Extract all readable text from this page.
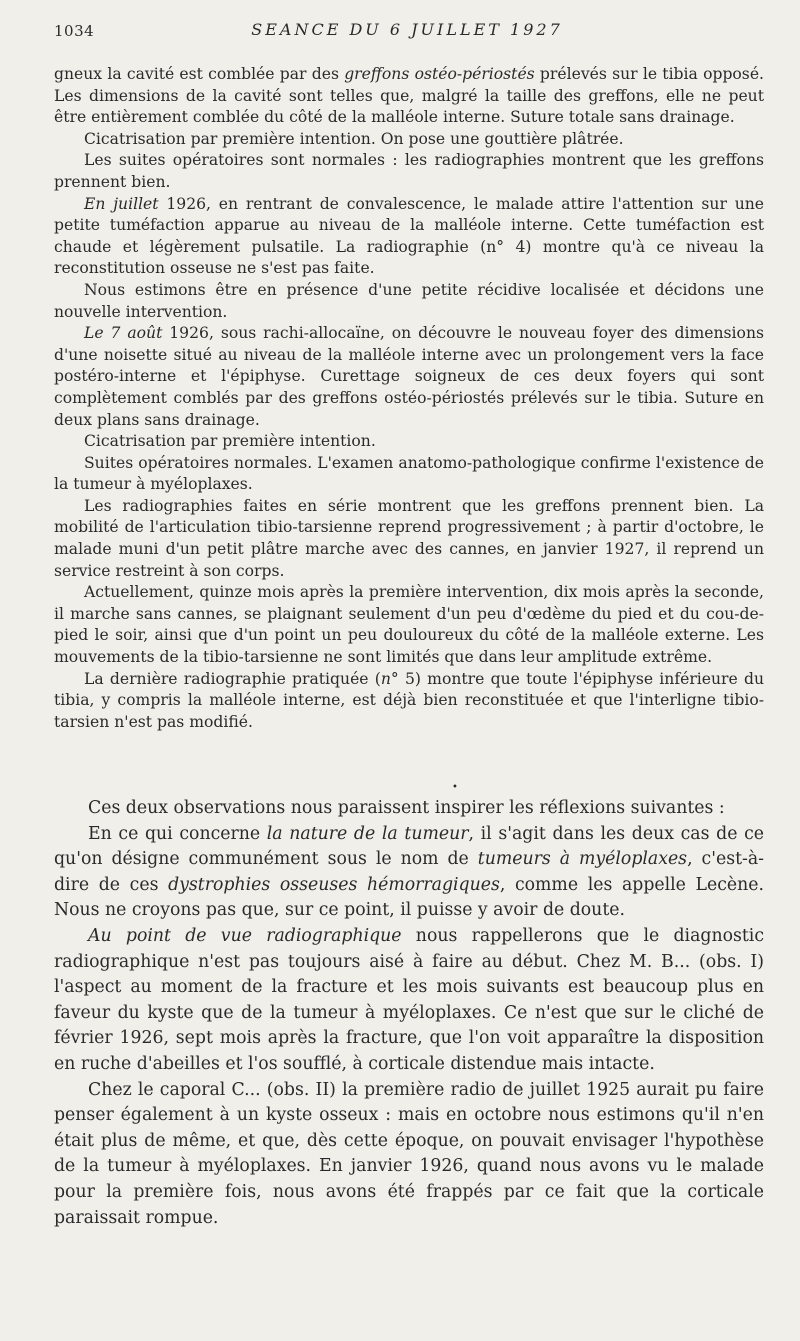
1034	SEANCE DU 6 JUILLET 1927

gneux la cavité est comblée par des greffons ostéo-périostés prélevés sur le tibia opposé. Les dimensions de la cavité sont telles que, malgré la taille des greffons, elle ne peut être entièrement comblée du côté de la malléole interne. Suture totale sans drainage.

Cicatrisation par première intention. On pose une gouttière plâtrée.

Les suites opératoires sont normales : les radiographies montrent que les greffons prennent bien.

En juillet 1926, en rentrant de convalescence, le malade attire l'attention sur une petite tuméfaction apparue au niveau de la malléole interne. Cette tuméfaction est chaude et légèrement pulsatile. La radiographie (n° 4) montre qu'à ce niveau la reconstitution osseuse ne s'est pas faite.

Nous estimons être en présence d'une petite récidive localisée et décidons une nouvelle intervention.

Le 7 août 1926, sous rachi-allocaïne, on découvre le nouveau foyer des dimensions d'une noisette situé au niveau de la malléole interne avec un prolongement vers la face postéro-interne et l'épiphyse. Curettage soigneux de ces deux foyers qui sont complètement comblés par des greffons ostéo-périostés prélevés sur le tibia. Suture en deux plans sans drainage.

Cicatrisation par première intention.

Suites opératoires normales. L'examen anatomo-pathologique confirme l'existence de la tumeur à myéloplaxes.

Les radiographies faites en série montrent que les greffons prennent bien. La mobilité de l'articulation tibio-tarsienne reprend progressivement ; à partir d'octobre, le malade muni d'un petit plâtre marche avec des cannes, en janvier 1927, il reprend un service restreint à son corps.

Actuellement, quinze mois après la première intervention, dix mois après la seconde, il marche sans cannes, se plaignant seulement d'un peu d'œdème du pied et du cou-de-pied le soir, ainsi que d'un point un peu douloureux du côté de la malléole externe. Les mouvements de la tibio-tarsienne ne sont limités que dans leur amplitude extrême.

La dernière radiographie pratiquée (n° 5) montre que toute l'épiphyse inférieure du tibia, y compris la malléole interne, est déjà bien reconstituée et que l'interligne tibio-tarsien n'est pas modifié.

•

Ces deux observations nous paraissent inspirer les réflexions suivantes :

En ce qui concerne la nature de la tumeur, il s'agit dans les deux cas de ce qu'on désigne communément sous le nom de tumeurs à myéloplaxes, c'est-à-dire de ces dystrophies osseuses hémorragiques, comme les appelle Lecène. Nous ne croyons pas que, sur ce point, il puisse y avoir de doute.

Au point de vue radiographique nous rappellerons que le diagnostic radiographique n'est pas toujours aisé à faire au début. Chez M. B... (obs. I) l'aspect au moment de la fracture et les mois suivants est beaucoup plus en faveur du kyste que de la tumeur à myéloplaxes. Ce n'est que sur le cliché de février 1926, sept mois après la fracture, que l'on voit apparaître la disposition en ruche d'abeilles et l'os soufflé, à corticale distendue mais intacte.

Chez le caporal C... (obs. II) la première radio de juillet 1925 aurait pu faire penser également à un kyste osseux : mais en octobre nous estimons qu'il n'en était plus de même, et que, dès cette époque, on pouvait envisager l'hypothèse de la tumeur à myéloplaxes. En janvier 1926, quand nous avons vu le malade pour la première fois, nous avons été frappés par ce fait que la corticale paraissait rompue.
